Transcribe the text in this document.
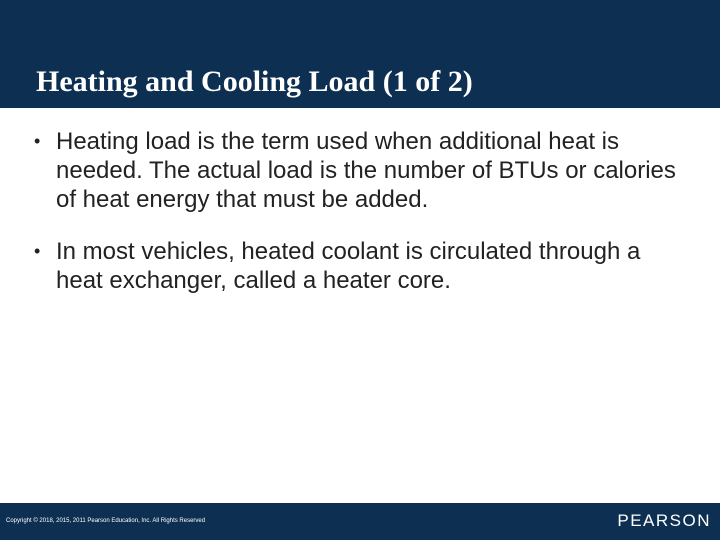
Heating and Cooling Load (1 of 2)
• Heating load is the term used when additional heat is needed. The actual load is the number of BTUs or calories of heat energy that must be added.
• In most vehicles, heated coolant is circulated through a heat exchanger, called a heater core.
Copyright © 2018, 2015, 2011 Pearson Education, Inc. All Rights Reserved	PEARSON
